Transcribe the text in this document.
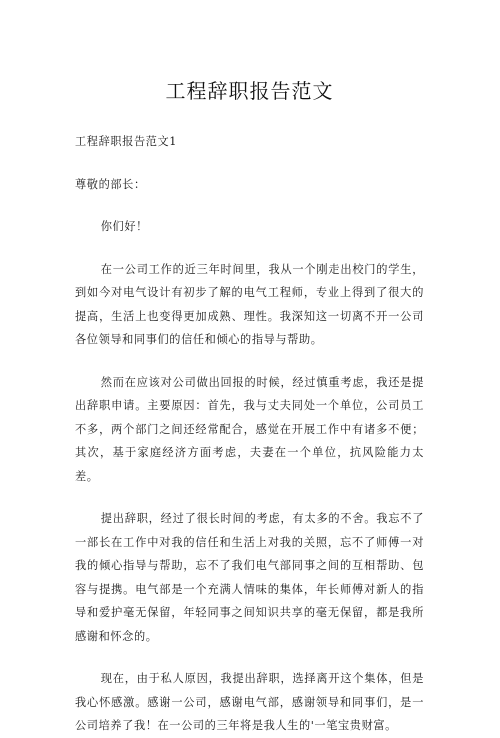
工程辞职报告范文

工程辞职报告范文1

尊敬的部长：

你们好！

在一公司工作的近三年时间里，我从一个刚走出校门的学生，到如今对电气设计有初步了解的电气工程师，专业上得到了很大的提高，生活上也变得更加成熟、理性。我深知这一切离不开一公司各位领导和同事们的信任和倾心的指导与帮助。

然而在应该对公司做出回报的时候，经过慎重考虑，我还是提出辞职申请。主要原因：首先，我与丈夫同处一个单位，公司员工不多，两个部门之间还经常配合，感觉在开展工作中有诸多不便；其次，基于家庭经济方面考虑，夫妻在一个单位，抗风险能力太差。

提出辞职，经过了很长时间的考虑，有太多的不舍。我忘不了一部长在工作中对我的信任和生活上对我的关照，忘不了师傅一对我的倾心指导与帮助，忘不了我们电气部同事之间的互相帮助、包容与提携。电气部是一个充满人情味的集体，年长师傅对新人的指导和爱护毫无保留，年轻同事之间知识共享的毫无保留，都是我所感谢和怀念的。

现在，由于私人原因，我提出辞职，选择离开这个集体，但是我心怀感激。感谢一公司，感谢电气部，感谢领导和同事们，是一公司培养了我！在一公司的三年将是我人生的'一笔宝贵财富。
